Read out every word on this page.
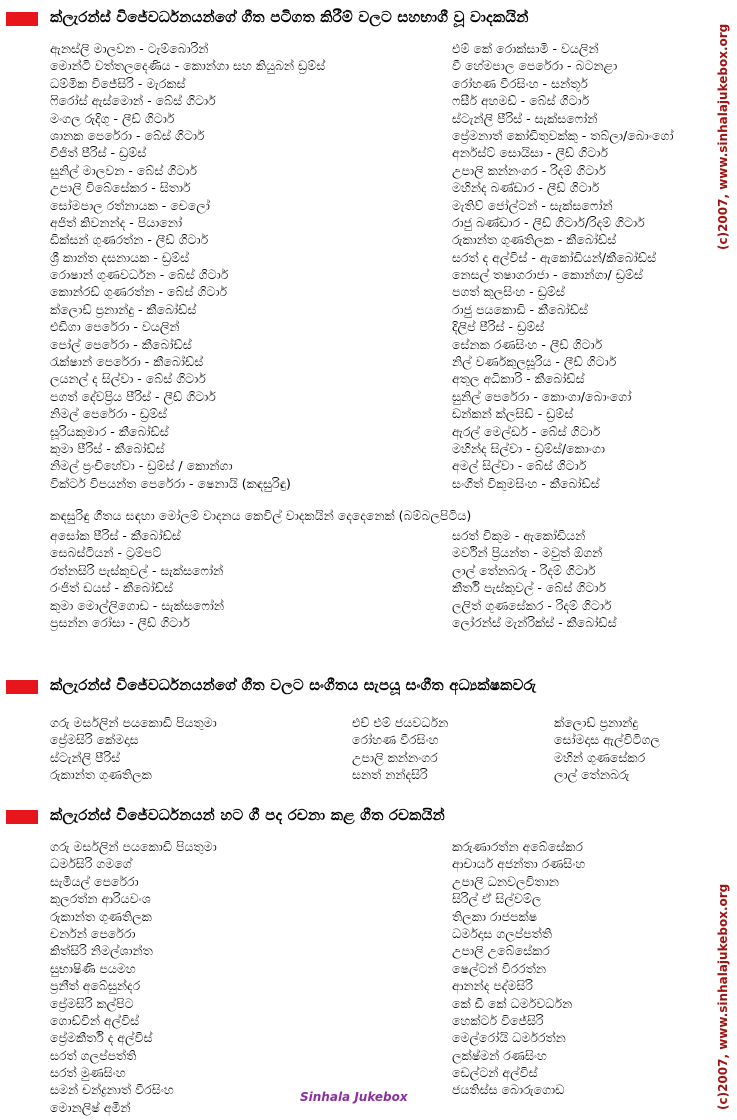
ක්ලැරන්ස් විජේවර්ධනයන්ගේ ගීත පටිගත කිරීම් වලට සහභාගී වූ වාදකයින්
ඇනස්ලි මාලවන - ටැම්බොරින්
මොන්ටි වත්තලදෙණිය - කොන්ගා සහ කියුබන් ඩ්‍රම්ස්
ධම්මික විජේසිරි - මැරකස්
ෆිරෝස් ඇස්මොන් - බේස් ගිටාර්
මංගල රුදිගු - ලීඩ් ගිටාර්
ශානක පෙරේරා - බේස් ගිටාර්
විජිත් පීරිස් - ඩ්‍රම්ස්
සුනිල් මාලවන - බේස් ගිටාර්
උපාලි විබේසේකර - සිතාර්
සෝමපාල රත්නායක - චෙලෝ
අජිත් කිවනන්ද - පියානෝ
ඩික්සන් ගුණරත්න - ලීඩ් ගිටාර්
ශ්‍රී කාන්ත දසනායක - ඩ්‍රම්ස්
රොෂාන් ගුණවර්ධන - බේස් ගිටාර්
කොන්රඩ් ගුණරත්න - බේස් ගිටාර්
ක්ලොඩ් ප්‍රනාන්දු - කීබෝඩ්ස්
එඩිගා පෙරේරා - වයලින්
පෝල් පෙරේරා - කීබෝඩ්ස්
රැක්ෂාන් පෙරේරා - කීබෝඩ්ස්
ලයනල් ද සිල්වා - බේස් ගිටාර්
පගත් දේවප්‍රිය පීරිස් - ලීඩ් ගිටාර්
නිමල් පෙරේරා - ඩ්‍රම්ස්
සූරියකුමාර - කීබෝඩ්ස්
කුමා පීරිස් - කීබෝඩ්ස්
නිමල් ප්‍රංචිහේවා - ඩ්‍රම්ස් / කොන්ගා
වික්ටර් විපයන්ත පෙරේරා - ෂෙනායි (කඳසුරිඳු)
එම් කේ රොක්සාමි - වයලින්
වී හේමපාල පෙරේරා - බටනළා
රෝහණ වීරසිංහ - සන්තූර්
ෆසීර් අහමඩ් - බේස් ගිටාර්
ස්ටැන්ලි පීරිස් - සැක්සෆෝන්
ප්‍රේමනාත් කෝඩිතුවක්කු - තබ්ලා/බොංගෝ
අර්නස්ට් සොයිසා - ලීඩ් ගිටාර්
උපාලි කන්නංගර - රිදම් ගිටාර්
මහින්ද බණ්ඩාර - ලීඩ් ගිටාර්
මැතිව් ජෝල්ටන් - සැක්සෆෝන්
රාජු බණ්ඩාර - ලීඩ් ගිටාර්/රිදම් ගිටාර්
රුකාන්ත ගුණතිලක - කීබෝඩ්ස්
සරත් ද අල්විස් - ඇකෝඩියන්/කීබෝඩ්ස්
නෙසල් තෂාගරාජා - කොන්ගා/ ඩ්‍රම්ස්
පගත් කුලසිංහ - ඩ්‍රම්ස්
රාජු පයකොඩි - කීබෝඩ්ස්
දිලිප් පීරිස් - ඩ්‍රම්ස්
සේනක රණසිංහ - ලීඩ් ගිටාර්
නිල් වර්ණකුලසූරිය - ලීඩ් ගිටාර්
අතුල අධිකාරි - කීබෝඩ්ස්
සුනිල් පෙරේරා - කොංගා/බොංගෝ
ඩන්කන් ක්ලසිඩ් - ඩ්‍රම්ස්
ඇරල් මෙල්ඩර් - බේස් ගිටාර්
මහින්ද සිල්වා - ඩ්‍රම්ස්/කොංගා
අමල් සිල්වා - බේස් ගිටාර්
සංගීත් විකුමසිංහ - කීබෝඩ්ස්
කඳසුරිඳු ගීතය සඳහා මෝලම් වාදනය කෙවිල් වාදකයින් දෙදෙනෙක් (බම්බලපිටිය)
අසෝක පීරිස් - කීබෝඩ්ස්
සෙබස්ටියන් - ට්‍රම්පට්
රත්නසිරි පැස්කුවල් - සැක්සෆෝන්
රංජිත් ඩයස් - කීබෝඩ්ස්
කුමා මොල්ලිගොඩ - සැක්සෆෝන්
ප්‍රසන්න රෝසා - ලීඩ් ගිටාර්
සරත් විකුම - ඇකෝඩියන්
මර්වින් ප්‍රියන්ත - මවුත් ඕගන්
ලාල් තේනබරු - රිදම් ගිටාර්
කීර්ති පැස්කුවල් - බේස් ගිටාර්
ලලිත් ගුණසේකර - රිදම් ගිටාර්
ලෝරන්ස් මැන්රික්ස් - කීබෝඩ්ස්
ක්ලැරන්ස් විජේවර්ධනයන්ගේ ගීත වලට සංගීතය සැපයූ සංගීත අධ්‍යක්ෂකවරු
ගරු මර්සලින් පයකොඩි පියතුමා
ප්‍රේමසිරි කේමදාස
ස්ටැන්ලි පීරිස්
රුකාන්ත ගුණතිලක
එච් එම් ජයවර්ධන
රෝහණ වීරසිංහ
උපාලි කන්නංගර
සනත් නන්දසිරි
ක්ලොඩ් ප්‍රනාන්දු
සෝමදාස ඇල්විටිගල
මහින් ගුණසේකර
ලාල් තේනබරු
ක්ලැරන්ස් විජේවර්ධනයන් හට ගී පද රචනා කළ ගීත රචකයින්
ගරු මර්සලින් පයකොඩි පියතුමා
ධර්මසිරි ගමගේ
සැමියල් පෙරේරා
කුලරත්න ආරියවංශ
රුකාන්ත ගුණතිලක
චර්නන් පෙරේරා
කිත්සිරි නිමල්ශාන්ත
සුභාෂිණි පයමහ
ප්‍රනීත් අබේසුන්දර
ප්‍රේමසිරි කල්පිට
ගොඩ්වින් අල්විස්
ප්‍රේමකීර්ති ද අල්විස්
සරත් ගලප්පත්ති
සරත් මුණසිංහ
සමන් චන්ද්‍රනාත් වීරසිංහ
මොනලිෂ් අමීන්
කරුණාරත්න අබේසේකර
ආචාර්ය අජන්තා රණසිංහ
උපාලි ධනවලවිතාන
සිරිල් ඒ සිල්වම්ල
තිලකා රාජපක්ෂ
ධර්මදාස ගලප්පත්ති
උපාලි උබේසේකර
ෂෙල්ටන් වීරරත්න
ආනන්ද පද්මසිරි
කේ ඩී කේ ධර්මවර්ධන
හෙක්ටර් විජේසිරි
මෙල්රෝයි ධර්මරත්න
ලක්ෂ්මන් රණසිංහ
ඩෙල්ටන් අල්විස්
ජයතිස්ස බොරුගොඩ
(c)2007, www.sinhalajukebox.org
(c)2007, www.sinhalajukebox.org
Sinhala Jukebox
